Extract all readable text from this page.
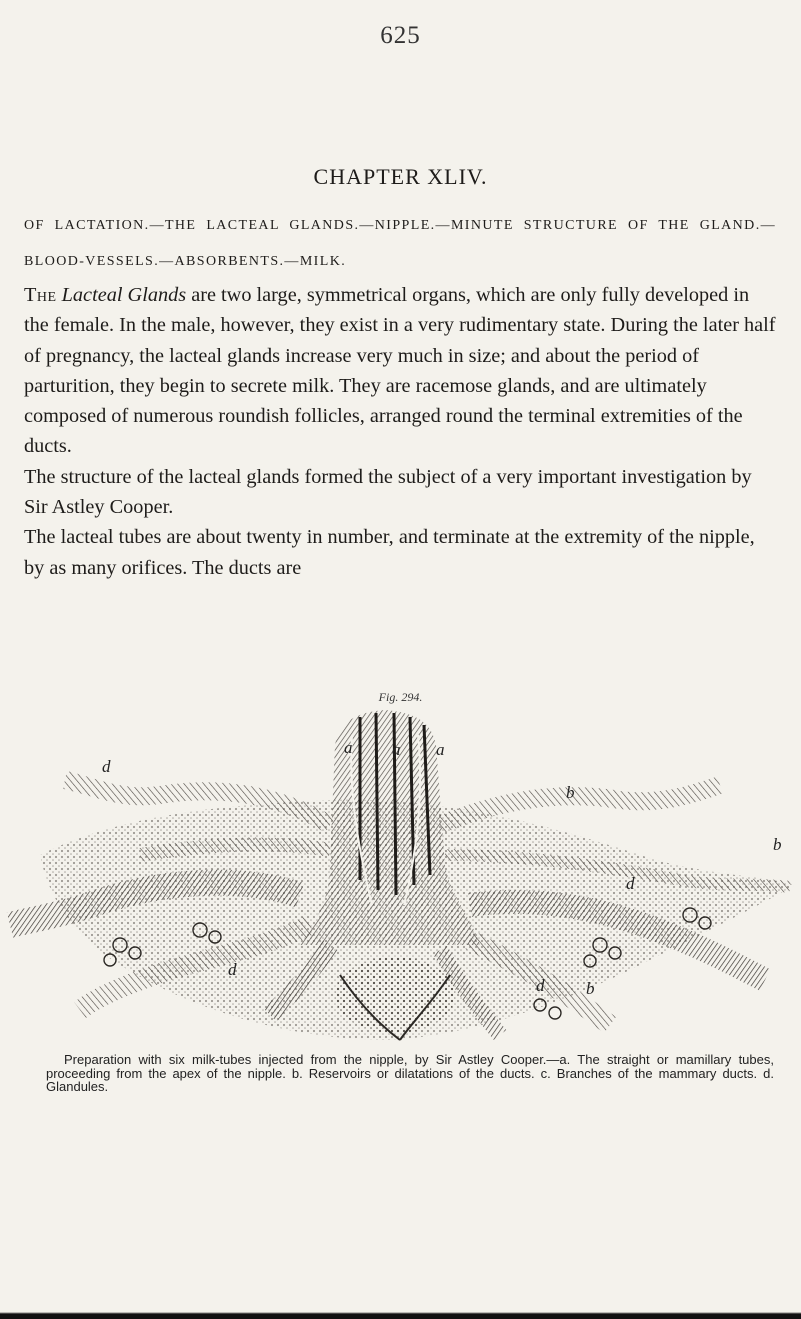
625
CHAPTER XLIV.
OF LACTATION.—THE LACTEAL GLANDS.—NIPPLE.—MINUTE STRUCTURE OF THE GLAND.—BLOOD-VESSELS.—ABSORBENTS.—MILK.

The Lacteal Glands are two large, symmetrical organs, which are only fully developed in the female. In the male, however, they exist in a very rudimentary state. During the later half of pregnancy, the lacteal glands increase very much in size; and about the period of parturition, they begin to secrete milk. They are racemose glands, and are ultimately composed of numerous roundish follicles, arranged round the terminal extremities of the ducts.

The structure of the lacteal glands formed the subject of a very important investigation by Sir Astley Cooper.

The lacteal tubes are about twenty in number, and terminate at the extremity of the nipple, by as many orifices. The ducts are

Fig. 294.
a a a
d
b
b
d
d
d b
Preparation with six milk-tubes injected from the nipple, by Sir Astley Cooper.—a. The straight or mamillary tubes, proceeding from the apex of the nipple. b. Reservoirs or dilatations of the ducts. c. Branches of the mammary ducts. d. Glandules.
